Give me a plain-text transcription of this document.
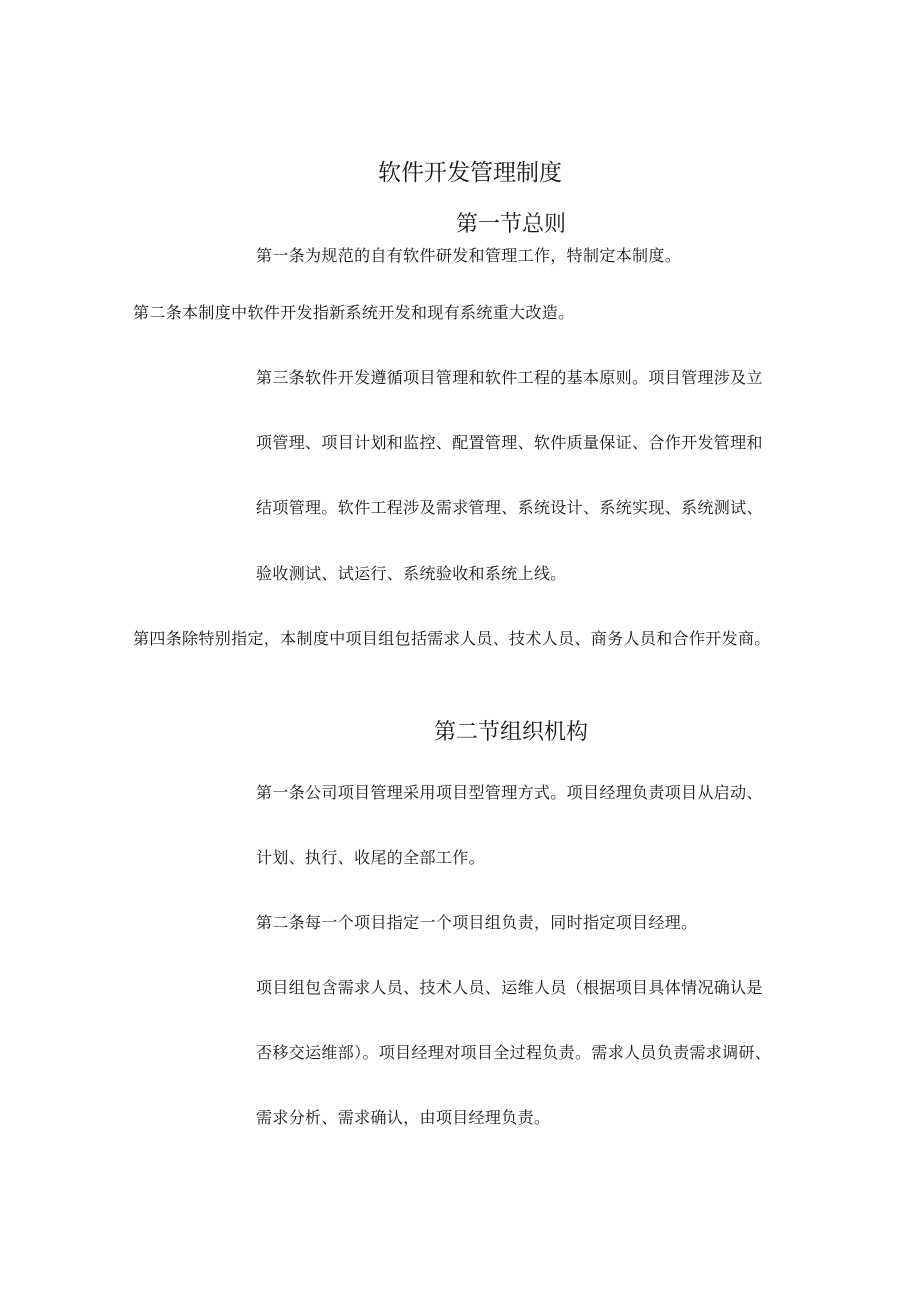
软件开发管理制度
第一节总则
第一条为规范的自有软件研发和管理工作，特制定本制度。
第二条本制度中软件开发指新系统开发和现有系统重大改造。
第三条软件开发遵循项目管理和软件工程的基本原则。项目管理涉及立
项管理、项目计划和监控、配置管理、软件质量保证、合作开发管理和
结项管理。软件工程涉及需求管理、系统设计、系统实现、系统测试、
验收测试、试运行、系统验收和系统上线。
第四条除特别指定，本制度中项目组包括需求人员、技术人员、商务人员和合作开发商。
第二节组织机构
第一条公司项目管理采用项目型管理方式。项目经理负责项目从启动、
计划、执行、收尾的全部工作。
第二条每一个项目指定一个项目组负责，同时指定项目经理。
项目组包含需求人员、技术人员、运维人员（根据项目具体情况确认是
否移交运维部）。项目经理对项目全过程负责。需求人员负责需求调研、
需求分析、需求确认，由项目经理负责。
